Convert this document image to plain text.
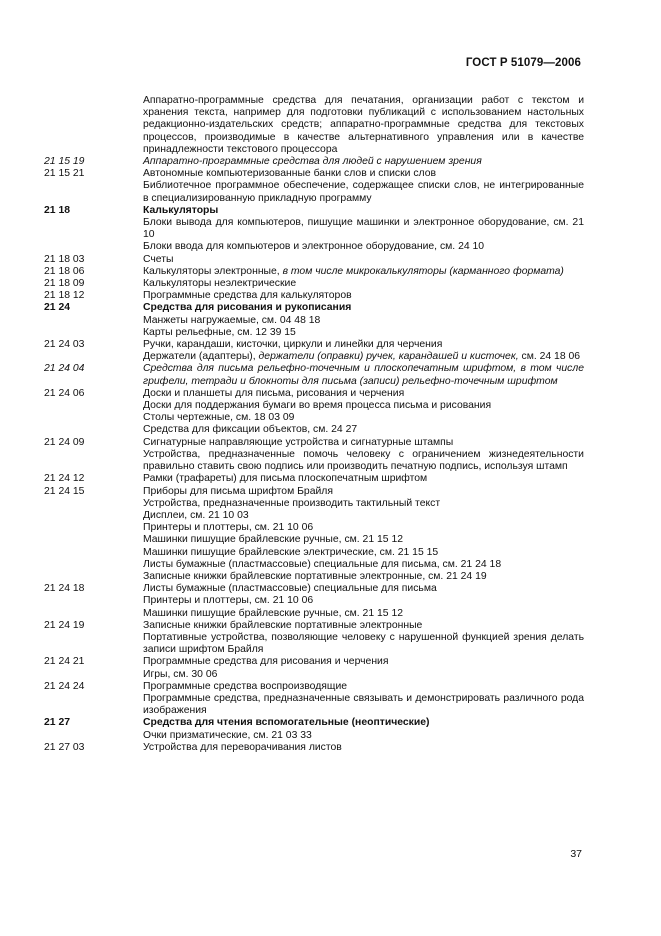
ГОСТ Р 51079—2006
Аппаратно-программные средства для печатания, организации работ с текстом и хранения текста, например для подготовки публикаций с использованием настольных редакционно-издательских средств; аппаратно-программные средства для текстовых процессов, производимые в качестве альтернативного управления или в качестве принадлежности текстового процессора
21 15 19	Аппаратно-программные средства для людей с нарушением зрения
21 15 21	Автономные компьютеризованные банки слов и списки слов
Библиотечное программное обеспечение, содержащее списки слов, не интегрированные в специализированную прикладную программу
21 18	Калькуляторы
Блоки вывода для компьютеров, пишущие машинки и электронное оборудование, см. 21 10
Блоки ввода для компьютеров и электронное оборудование, см. 24 10
21 18 03	Счеты
21 18 06	Калькуляторы электронные, в том числе микрокалькуляторы (карманного формата)
21 18 09	Калькуляторы неэлектрические
21 18 12	Программные средства для калькуляторов
21 24	Средства для рисования и рукописания
Манжеты нагружаемые, см. 04 48 18
Карты рельефные, см. 12 39 15
21 24 03	Ручки, карандаши, кисточки, циркули и линейки для черчения
Держатели (адаптеры), держатели (оправки) ручек, карандашей и кисточек, см. 24 18 06
21 24 04	Средства для письма рельефно-точечным и плоскопечатным шрифтом, в том числе грифели, тетради и блокноты для письма (записи) рельефно-точечным шрифтом
21 24 06	Доски и планшеты для письма, рисования и черчения
Доски для поддержания бумаги во время процесса письма и рисования
Столы чертежные, см. 18 03 09
Средства для фиксации объектов, см. 24 27
21 24 09	Сигнатурные направляющие устройства и сигнатурные штампы
Устройства, предназначенные помочь человеку с ограничением жизнедеятельности правильно ставить свою подпись или производить печатную подпись, используя штамп
21 24 12	Рамки (трафареты) для письма плоскопечатным шрифтом
21 24 15	Приборы для письма шрифтом Брайля
Устройства, предназначенные производить тактильный текст
Дисплеи, см. 21 10 03
Принтеры и плоттеры, см. 21 10 06
Машинки пишущие брайлевские ручные, см. 21 15 12
Машинки пишущие брайлевские электрические, см. 21 15 15
Листы бумажные (пластмассовые) специальные для письма, см. 21 24 18
Записные книжки брайлевские портативные электронные, см. 21 24 19
21 24 18	Листы бумажные (пластмассовые) специальные для письма
Принтеры и плоттеры, см. 21 10 06
Машинки пишущие брайлевские ручные, см. 21 15 12
21 24 19	Записные книжки брайлевские портативные электронные
Портативные устройства, позволяющие человеку с нарушенной функцией зрения делать записи шрифтом Брайля
21 24 21	Программные средства для рисования и черчения
Игры, см. 30 06
21 24 24	Программные средства воспроизводящие
Программные средства, предназначенные связывать и демонстрировать различного рода изображения
21 27	Средства для чтения вспомогательные (неоптические)
Очки призматические, см. 21 03 33
21 27 03	Устройства для переворачивания листов
37
